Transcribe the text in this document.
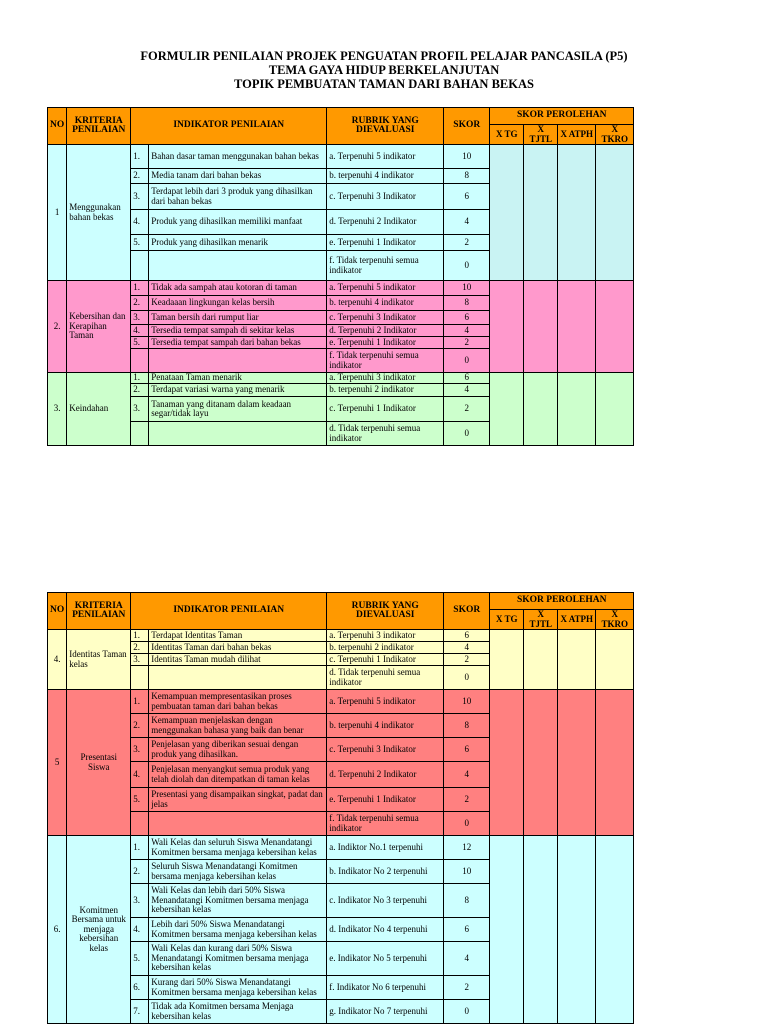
FORMULIR PENILAIAN PROJEK PENGUATAN PROFIL PELAJAR PANCASILA (P5)
TEMA GAYA HIDUP BERKELANJUTAN
TOPIK PEMBUATAN TAMAN DARI BAHAN BEKAS
NO	KRITERIA PENILAIAN	INDIKATOR PENILAIAN		RUBRIK YANG DIEVALUASI	SKOR	SKOR PEROLEHAN			
						X TG	X TJTL	X ATPH	X TKRO
1	Menggunakan bahan bekas	1.	Bahan dasar taman menggunakan bahan bekas	a. Terpenuhi 5 indikator	10				
		2.	Media tanam dari bahan bekas	b. terpenuhi 4 indikator	8				
		3.	Terdapat lebih dari 3 produk yang dihasilkan dari bahan bekas	c. Terpenuhi 3 Indikator	6				
		4.	Produk yang dihasilkan memiliki manfaat	d. Terpenuhi 2 Indikator	4				
		5.	Produk yang dihasilkan menarik	e. Terpenuhi 1 Indikator	2				
				f. Tidak terpenuhi semua indikator	0				
2.	Kebersihan dan Kerapihan Taman	1.	Tidak ada sampah atau kotoran di taman	a. Terpenuhi 5 indikator	10				
		2.	Keadaaan lingkungan kelas bersih	b. terpenuhi 4 indikator	8				
		3.	Taman bersih dari rumput liar	c. Terpenuhi 3 Indikator	6				
		4.	Tersedia tempat sampah di sekitar kelas	d. Terpenuhi 2 Indikator	4				
		5.	Tersedia tempat sampah dari bahan bekas	e. Terpenuhi 1 Indikator	2				
				f. Tidak terpenuhi semua indikator	0				
3.	Keindahan	1.	Penataan Taman menarik	a. Terpenuhi 3 indikator	6				
		2.	Terdapat variasi warna yang menarik	b. terpenuhi 2 indikator	4				
		3.	Tanaman yang ditanam dalam keadaan segar/tidak layu	c. Terpenuhi 1 Indikator	2				
				d. Tidak terpenuhi semua indikator	0				
NO	KRITERIA PENILAIAN	INDIKATOR PENILAIAN		RUBRIK YANG DIEVALUASI	SKOR	SKOR PEROLEHAN			
						X TG	X TJTL	X ATPH	X TKRO
4.	Identitas Taman kelas	1.	Terdapat Identitas Taman	a. Terpenuhi 3 indikator	6				
		2.	Identitas Taman dari bahan bekas	b. terpenuhi 2 indikator	4				
		3.	Identitas Taman mudah dilihat	c. Terpenuhi 1 Indikator	2				
				d. Tidak terpenuhi semua indikator	0				
5	Presentasi Siswa	1.	Kemampuan mempresentasikan proses pembuatan taman dari bahan bekas	a. Terpenuhi 5 indikator	10				
		2.	Kemampuan menjelaskan dengan menggunakan bahasa yang baik dan benar	b. terpenuhi 4 indikator	8				
		3.	Penjelasan yang diberikan sesuai dengan produk yang dihasilkan.	c. Terpenuhi 3 Indikator	6				
		4.	Penjelasan menyangkut semua produk yang telah diolah dan ditempatkan di taman kelas	d. Terpenuhi 2 Indikator	4				
		5.	Presentasi yang disampaikan singkat, padat dan jelas	e. Terpenuhi 1 Indikator	2				
				f. Tidak terpenuhi semua indikator	0				
6.	Komitmen Bersama untuk menjaga kebersihan kelas	1.	Wali Kelas dan seluruh Siswa Menandatangi Komitmen bersama menjaga kebersihan kelas	a. Indiktor No.1 terpenuhi	12				
		2.	Seluruh Siswa Menandatangi Komitmen bersama menjaga kebersihan kelas	b. Indikator No 2 terpenuhi	10				
		3.	Wali Kelas dan lebih dari 50% Siswa Menandatangi Komitmen bersama menjaga kebersihan kelas	c. Indikator No 3 terpenuhi	8				
		4.	Lebih dari 50% Siswa Menandatangi Komitmen bersama menjaga kebersihan kelas	d. Indikator No 4 terpenuhi	6				
		5.	Wali Kelas dan kurang dari 50% Siswa Menandatangi Komitmen bersama menjaga kebersihan kelas	e. Indikator No 5 terpenuhi	4				
		6.	Kurang dari 50% Siswa Menandatangi Komitmen bersama menjaga kebersihan kelas	f. Indikator No 6 terpenuhi	2				
		7.	Tidak ada Komitmen bersama Menjaga kebersihan kelas	g. Indikator No 7 terpenuhi	0				
